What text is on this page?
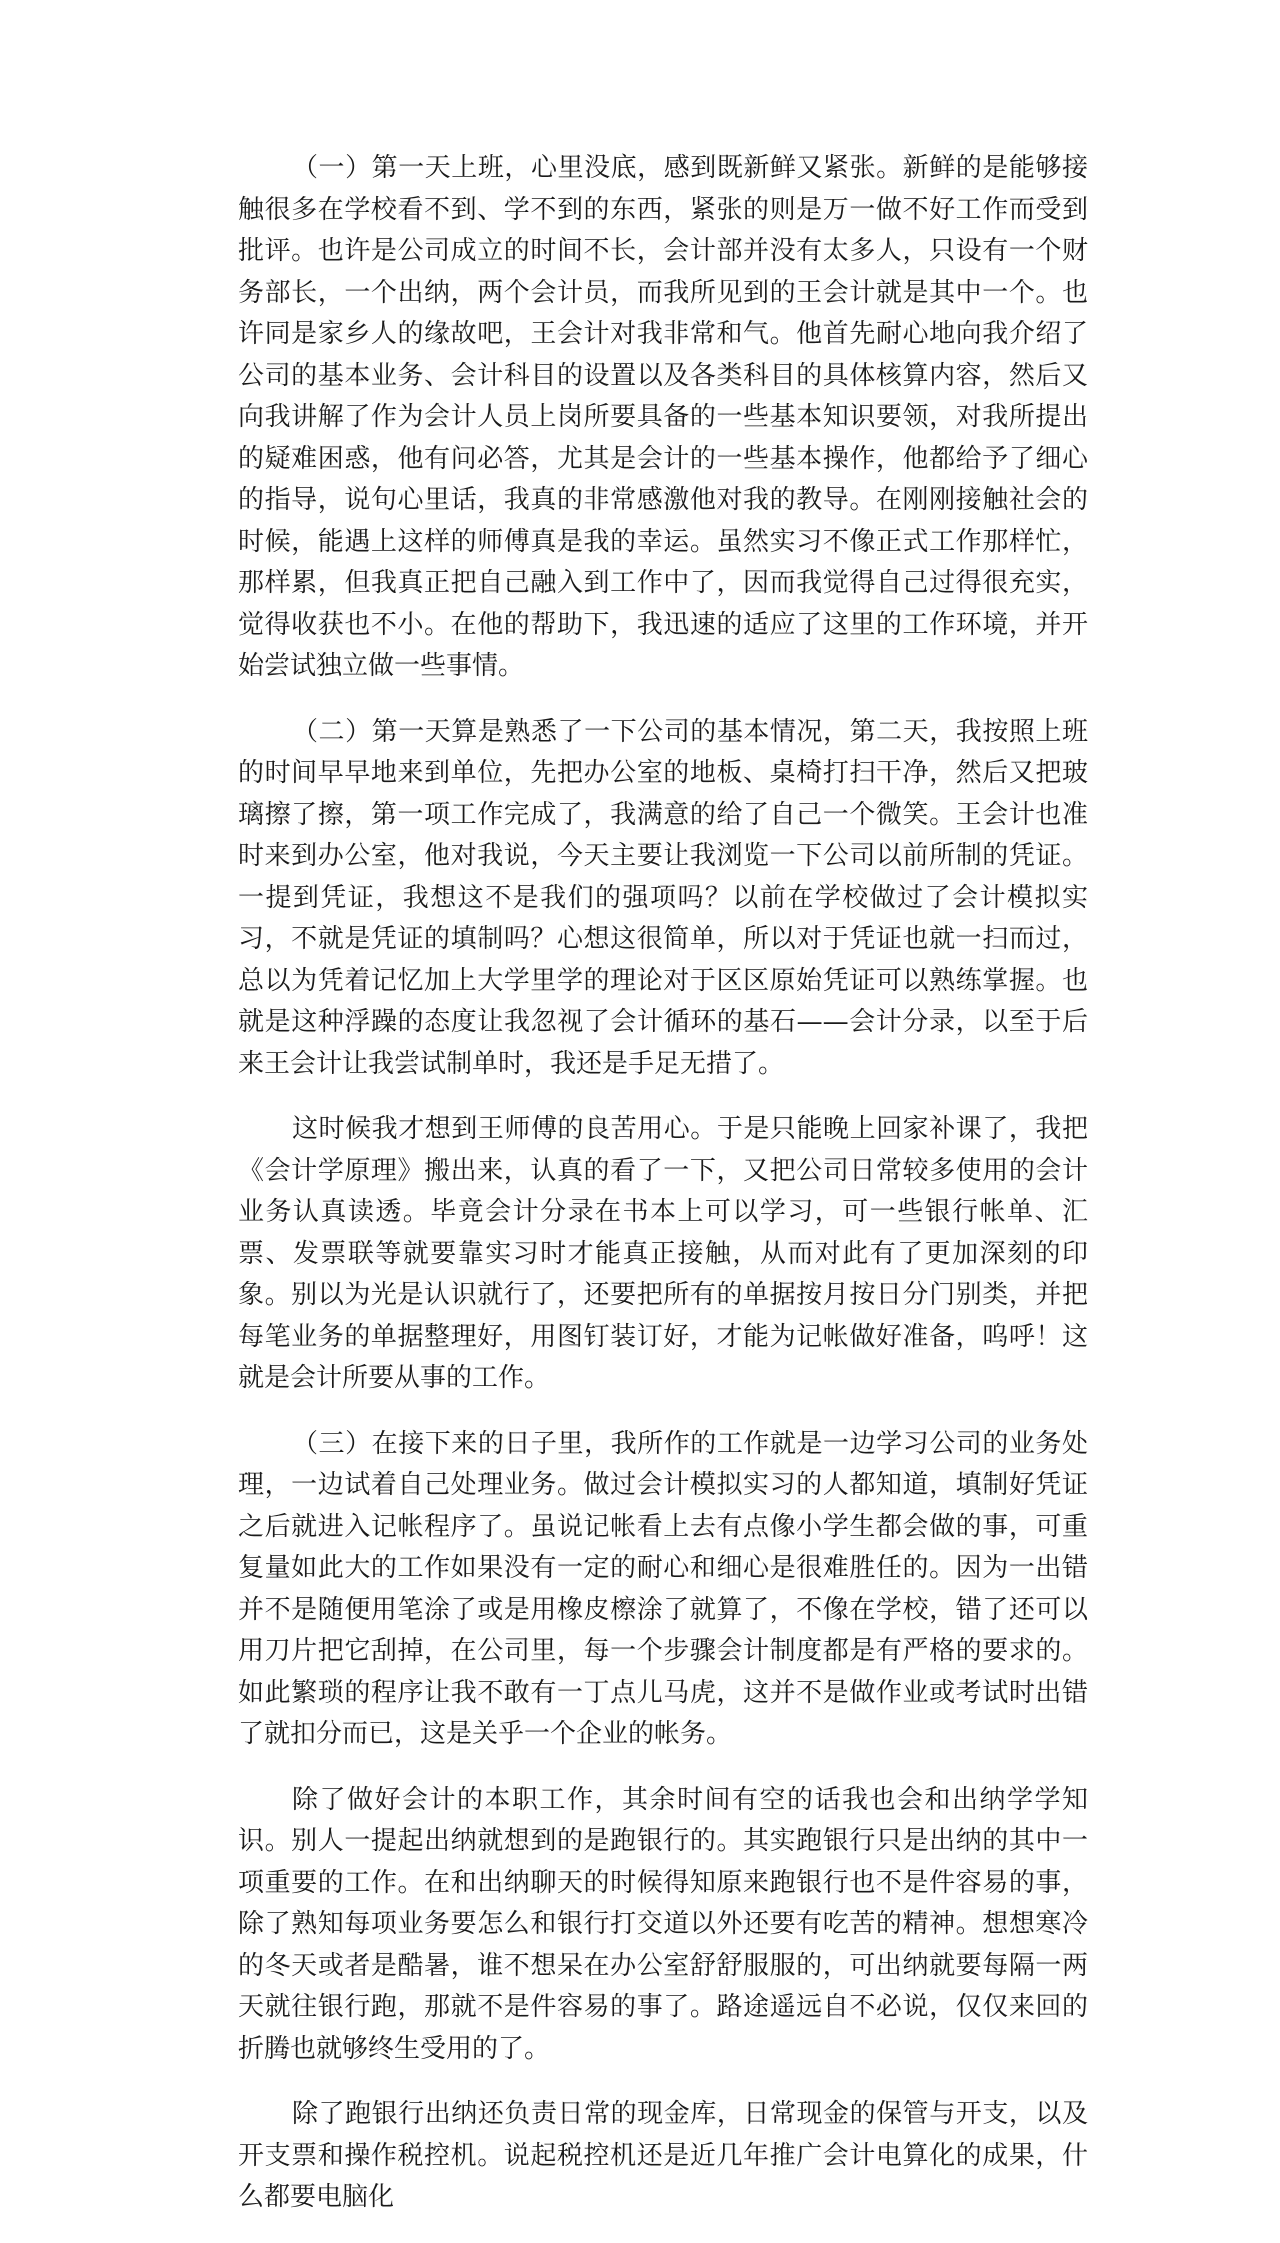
（一）第一天上班，心里没底，感到既新鲜又紧张。新鲜的是能够接触很多在学校看不到、学不到的东西，紧张的则是万一做不好工作而受到批评。也许是公司成立的时间不长，会计部并没有太多人，只设有一个财务部长，一个出纳，两个会计员，而我所见到的王会计就是其中一个。也许同是家乡人的缘故吧，王会计对我非常和气。他首先耐心地向我介绍了公司的基本业务、会计科目的设置以及各类科目的具体核算内容，然后又向我讲解了作为会计人员上岗所要具备的一些基本知识要领，对我所提出的疑难困惑，他有问必答，尤其是会计的一些基本操作，他都给予了细心的指导，说句心里话，我真的非常感激他对我的教导。在刚刚接触社会的时候，能遇上这样的师傅真是我的幸运。虽然实习不像正式工作那样忙，那样累，但我真正把自己融入到工作中了，因而我觉得自己过得很充实，觉得收获也不小。在他的帮助下，我迅速的适应了这里的工作环境，并开始尝试独立做一些事情。

（二）第一天算是熟悉了一下公司的基本情况，第二天，我按照上班的时间早早地来到单位，先把办公室的地板、桌椅打扫干净，然后又把玻璃擦了擦，第一项工作完成了，我满意的给了自己一个微笑。王会计也准时来到办公室，他对我说，今天主要让我浏览一下公司以前所制的凭证。一提到凭证，我想这不是我们的强项吗？以前在学校做过了会计模拟实习，不就是凭证的填制吗？心想这很简单，所以对于凭证也就一扫而过，总以为凭着记忆加上大学里学的理论对于区区原始凭证可以熟练掌握。也就是这种浮躁的态度让我忽视了会计循环的基石——会计分录，以至于后来王会计让我尝试制单时，我还是手足无措了。

这时候我才想到王师傅的良苦用心。于是只能晚上回家补课了，我把《会计学原理》搬出来，认真的看了一下，又把公司日常较多使用的会计业务认真读透。毕竟会计分录在书本上可以学习，可一些银行帐单、汇票、发票联等就要靠实习时才能真正接触，从而对此有了更加深刻的印象。别以为光是认识就行了，还要把所有的单据按月按日分门别类，并把每笔业务的单据整理好，用图钉装订好，才能为记帐做好准备，呜呼！这就是会计所要从事的工作。

（三）在接下来的日子里，我所作的工作就是一边学习公司的业务处理，一边试着自己处理业务。做过会计模拟实习的人都知道，填制好凭证之后就进入记帐程序了。虽说记帐看上去有点像小学生都会做的事，可重复量如此大的工作如果没有一定的耐心和细心是很难胜任的。因为一出错并不是随便用笔涂了或是用橡皮檫涂了就算了，不像在学校，错了还可以用刀片把它刮掉，在公司里，每一个步骤会计制度都是有严格的要求的。如此繁琐的程序让我不敢有一丁点儿马虎，这并不是做作业或考试时出错了就扣分而已，这是关乎一个企业的帐务。

除了做好会计的本职工作，其余时间有空的话我也会和出纳学学知识。别人一提起出纳就想到的是跑银行的。其实跑银行只是出纳的其中一项重要的工作。在和出纳聊天的时候得知原来跑银行也不是件容易的事，除了熟知每项业务要怎么和银行打交道以外还要有吃苦的精神。想想寒冷的冬天或者是酷暑，谁不想呆在办公室舒舒服服的，可出纳就要每隔一两天就往银行跑，那就不是件容易的事了。路途遥远自不必说，仅仅来回的折腾也就够终生受用的了。

除了跑银行出纳还负责日常的现金库，日常现金的保管与开支，以及开支票和操作税控机。说起税控机还是近几年推广会计电算化的成果，什么都要电脑化
